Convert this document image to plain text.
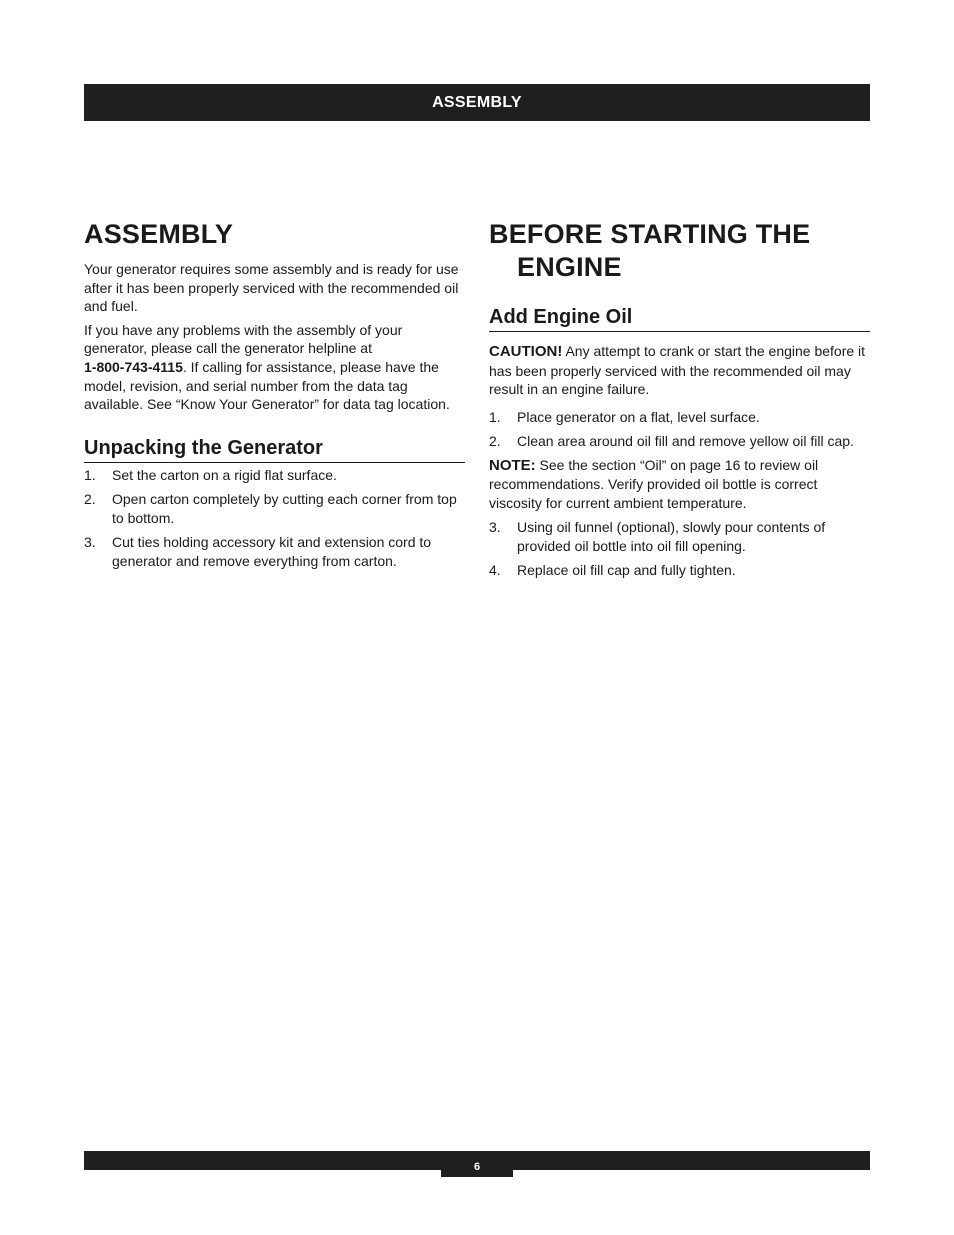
ASSEMBLY
ASSEMBLY

Your generator requires some assembly and is ready for use after it has been properly serviced with the recommended oil and fuel.

If you have any problems with the assembly of your generator, please call the generator helpline at
1-800-743-4115. If calling for assistance, please have the model, revision, and serial number from the data tag available. See “Know Your Generator” for data tag location.

Unpacking the Generator
1.	Set the carton on a rigid flat surface.
2.	Open carton completely by cutting each corner from top to bottom.
3.	Cut ties holding accessory kit and extension cord to generator and remove everything from carton.
BEFORE STARTING THE
ENGINE
Add Engine Oil

CAUTION! Any attempt to crank or start the engine before it has been properly serviced with the recommended oil may result in an engine failure.

1.	Place generator on a flat, level surface.
2.	Clean area around oil fill and remove yellow oil fill cap.

NOTE: See the section “Oil” on page 16 to review oil recommendations. Verify provided oil bottle is correct viscosity for current ambient temperature.

3.	Using oil funnel (optional), slowly pour contents of provided oil bottle into oil fill opening.
4.	Replace oil fill cap and fully tighten.
6
